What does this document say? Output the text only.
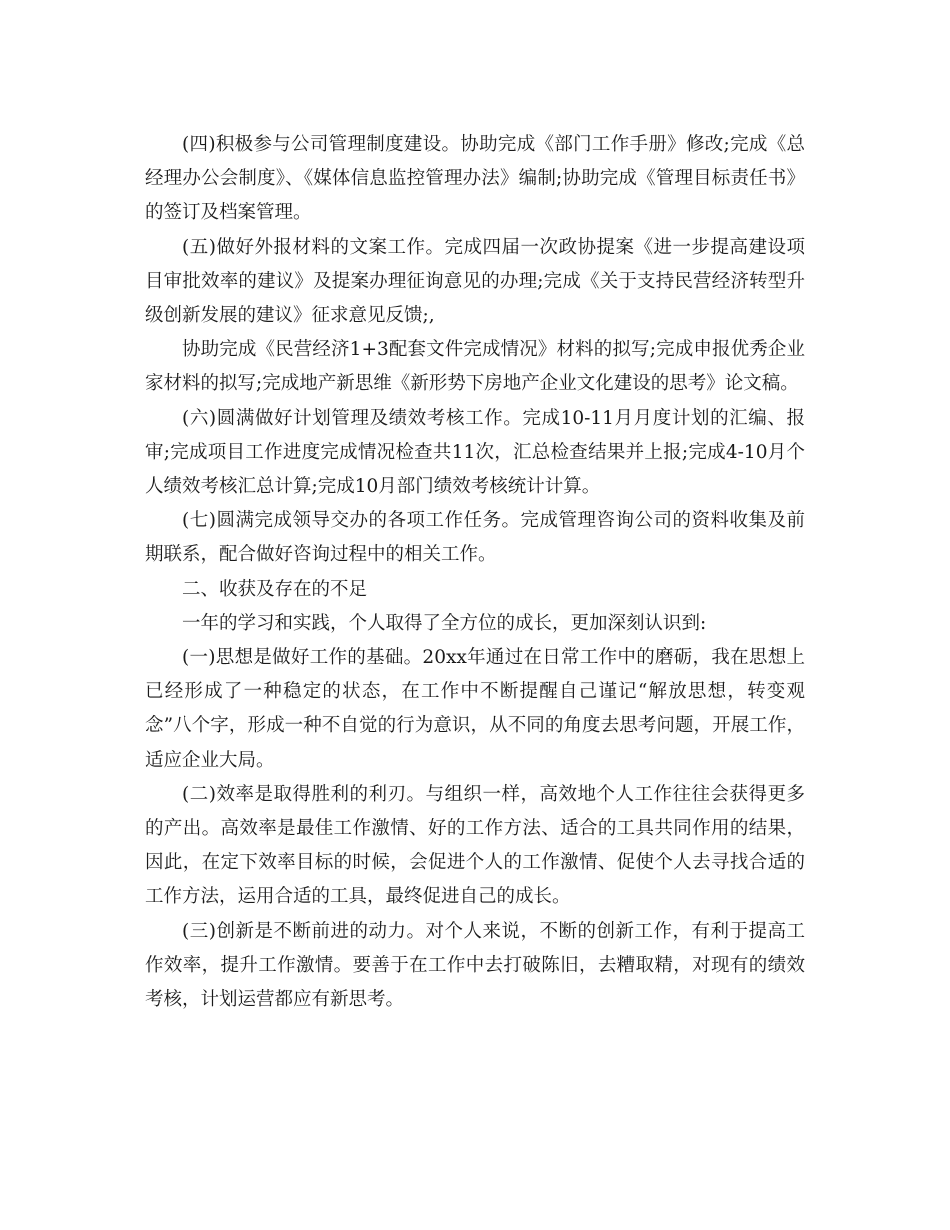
(四)积极参与公司管理制度建设。协助完成《部门工作手册》修改;完成《总经理办公会制度》、《媒体信息监控管理办法》编制;协助完成《管理目标责任书》的签订及档案管理。

(五)做好外报材料的文案工作。完成四届一次政协提案《进一步提高建设项目审批效率的建议》及提案办理征询意见的办理;完成《关于支持民营经济转型升级创新发展的建议》征求意见反馈;,

协助完成《民营经济1+3配套文件完成情况》材料的拟写;完成申报优秀企业家材料的拟写;完成地产新思维《新形势下房地产企业文化建设的思考》论文稿。

(六)圆满做好计划管理及绩效考核工作。完成10-11月月度计划的汇编、报审;完成项目工作进度完成情况检查共11次，汇总检查结果并上报;完成4-10月个人绩效考核汇总计算;完成10月部门绩效考核统计计算。

(七)圆满完成领导交办的各项工作任务。完成管理咨询公司的资料收集及前期联系，配合做好咨询过程中的相关工作。

二、收获及存在的不足

一年的学习和实践，个人取得了全方位的成长，更加深刻认识到:

(一)思想是做好工作的基础。20xx年通过在日常工作中的磨砺，我在思想上已经形成了一种稳定的状态，在工作中不断提醒自己谨记“解放思想，转变观念”八个字，形成一种不自觉的行为意识，从不同的角度去思考问题，开展工作，适应企业大局。

(二)效率是取得胜利的利刃。与组织一样，高效地个人工作往往会获得更多的产出。高效率是最佳工作激情、好的工作方法、适合的工具共同作用的结果，因此，在定下效率目标的时候，会促进个人的工作激情、促使个人去寻找合适的工作方法，运用合适的工具，最终促进自己的成长。

(三)创新是不断前进的动力。对个人来说，不断的创新工作，有利于提高工作效率，提升工作激情。要善于在工作中去打破陈旧，去糟取精，对现有的绩效考核，计划运营都应有新思考。
